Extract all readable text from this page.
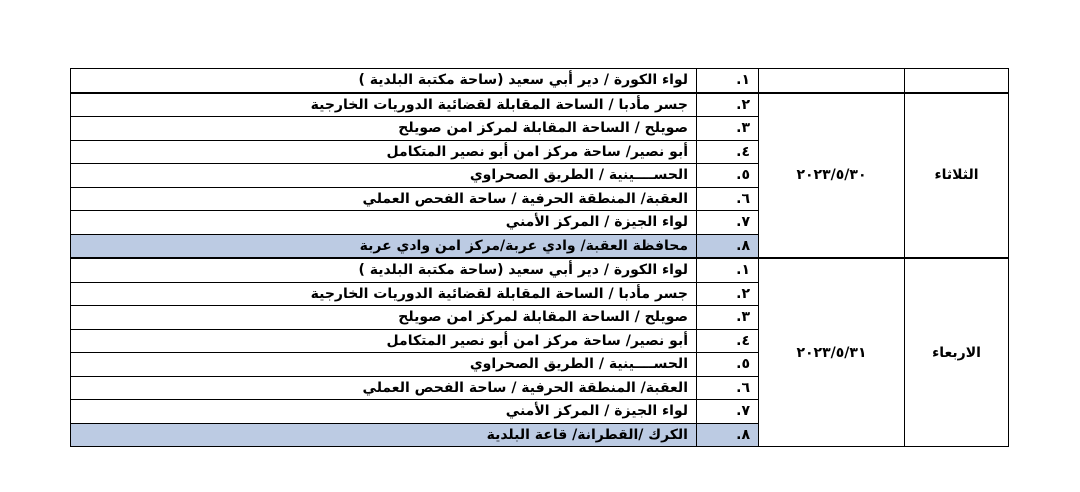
لواء الكورة / دير أبي سعيد (ساحة مكتبة البلدية )	١.		
جسر مأدبا / الساحة المقابلة لقضائية الدوريات الخارجية	٢.	٢٠٢٣/٥/٣٠	الثلاثاء
صويلح / الساحة المقابلة لمركز امن صويلح	٣.		
أبو نصير/ ساحة مركز امن أبو نصير المتكامل	٤.		
الحســــينية / الطريق الصحراوي	٥.		
العقبة/ المنطقة الحرفية / ساحة الفحص العملي	٦.		
لواء الجيزة / المركز الأمني	٧.		
محافظة العقبة/ وادي عربة/مركز امن وادي عربة	٨.		
لواء الكورة / دير أبي سعيد (ساحة مكتبة البلدية )	١.	٢٠٢٣/٥/٣١	الاربعاء
جسر مأدبا / الساحة المقابلة لقضائية الدوريات الخارجية	٢.		
صويلح / الساحة المقابلة لمركز امن صويلح	٣.		
أبو نصير/ ساحة مركز امن أبو نصير المتكامل	٤.		
الحســــينية / الطريق الصحراوي	٥.		
العقبة/ المنطقة الحرفية / ساحة الفحص العملي	٦.		
لواء الجيزة / المركز الأمني	٧.		
الكرك /القطرانة/ قاعة البلدية	٨.		
